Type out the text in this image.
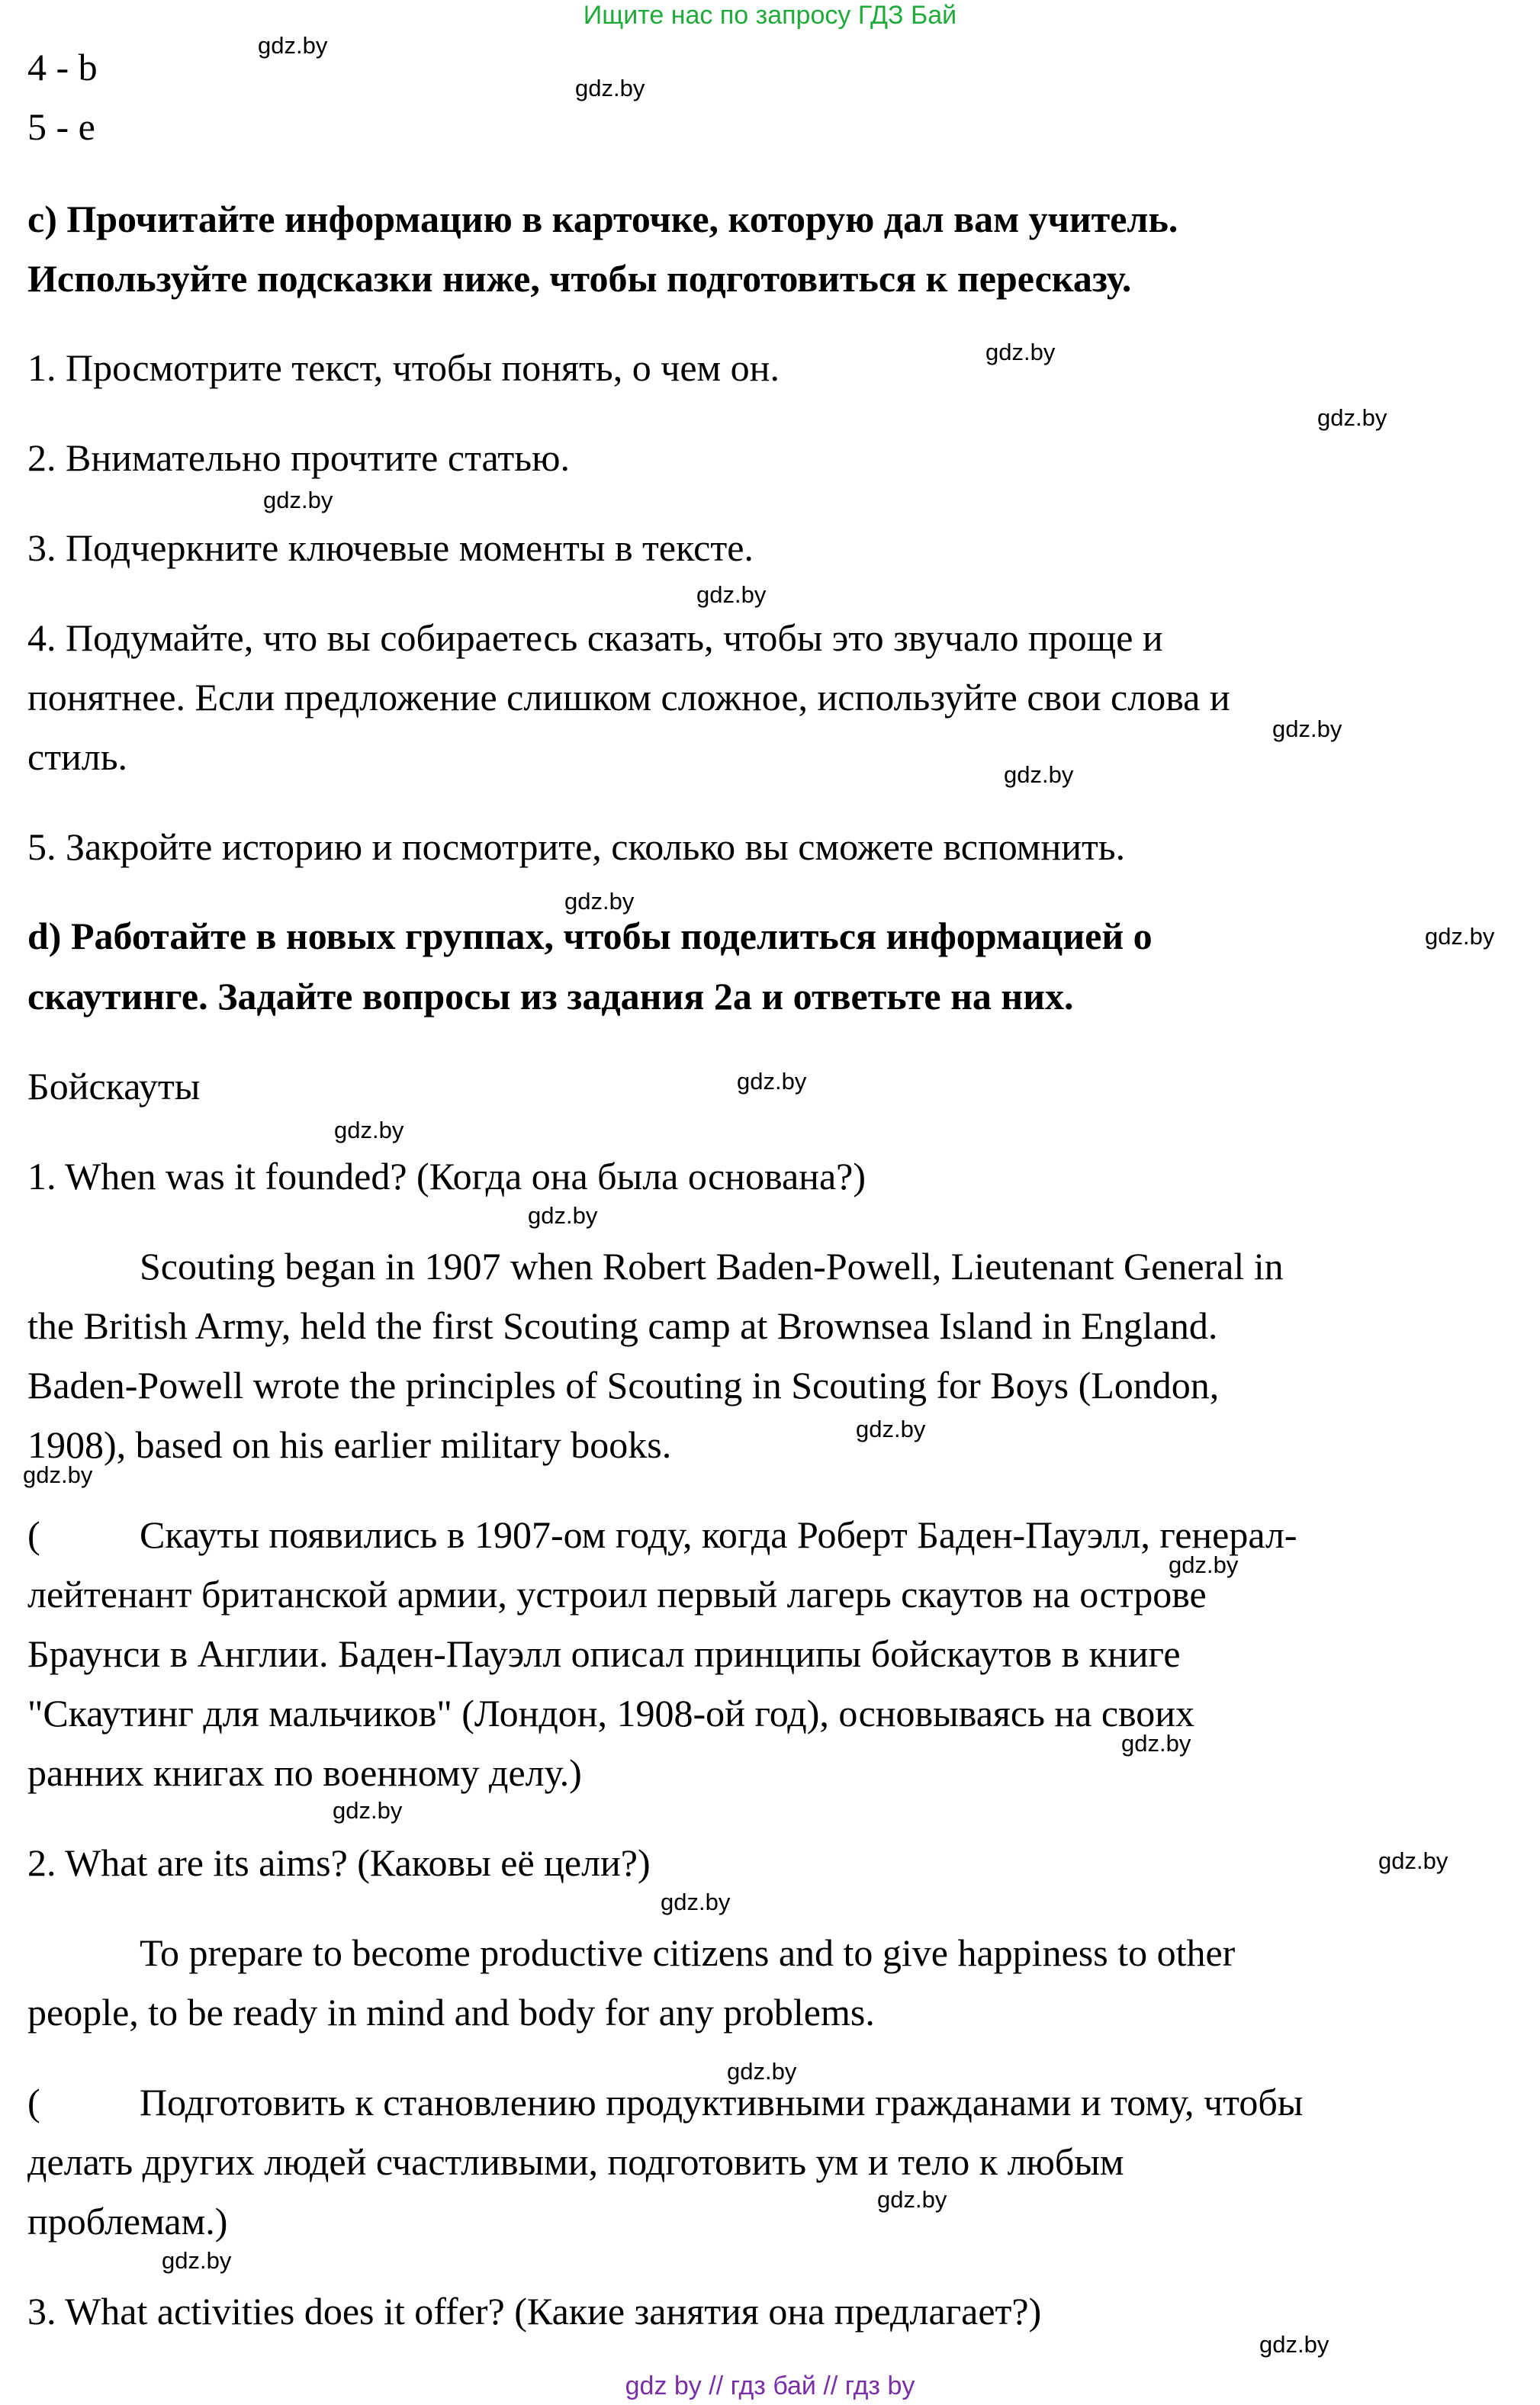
Ищите нас по запросу ГДЗ Бай
4 - b
5 - e
c) Прочитайте информацию в карточке, которую дал вам учитель.
Используйте подсказки ниже, чтобы подготовиться к пересказу.
1. Просмотрите текст, чтобы понять, о чем он.
2. Внимательно прочтите статью.
3. Подчеркните ключевые моменты в тексте.
4. Подумайте, что вы собираетесь сказать, чтобы это звучало проще и
понятнее. Если предложение слишком сложное, используйте свои слова и
стиль.
5. Закройте историю и посмотрите, сколько вы сможете вспомнить.
d) Работайте в новых группах, чтобы поделиться информацией о
скаутинге. Задайте вопросы из задания 2a и ответьте на них.
Бойскауты
1. When was it founded? (Когда она была основана?)
Scouting began in 1907 when Robert Baden-Powell, Lieutenant General in
the British Army, held the first Scouting camp at Brownsea Island in England.
Baden-Powell wrote the principles of Scouting in Scouting for Boys (London,
1908), based on his earlier military books.
(	Скауты появились в 1907-ом году, когда Роберт Баден-Пауэлл, генерал-
лейтенант британской армии, устроил первый лагерь скаутов на острове
Браунси в Англии. Баден-Пауэлл описал принципы бойскаутов в книге
"Скаутинг для мальчиков" (Лондон, 1908-ой год), основываясь на своих
ранних книгах по военному делу.)
2. What are its aims? (Каковы её цели?)
To prepare to become productive citizens and to give happiness to other
people, to be ready in mind and body for any problems.
(	Подготовить к становлению продуктивными гражданами и тому, чтобы
делать других людей счастливыми, подготовить ум и тело к любым
проблемам.)
3. What activities does it offer? (Какие занятия она предлагает?)
gdz.by
gdz.by
gdz.by
gdz.by
gdz.by
gdz.by
gdz.by
gdz.by
gdz.by
gdz.by
gdz.by
gdz.by
gdz.by
gdz.by
gdz.by
gdz.by
gdz.by
gdz.by
gdz.by
gdz.by
gdz.by
gdz.by
gdz.by
gdz.by
gdz by // гдз бай // гдз by
